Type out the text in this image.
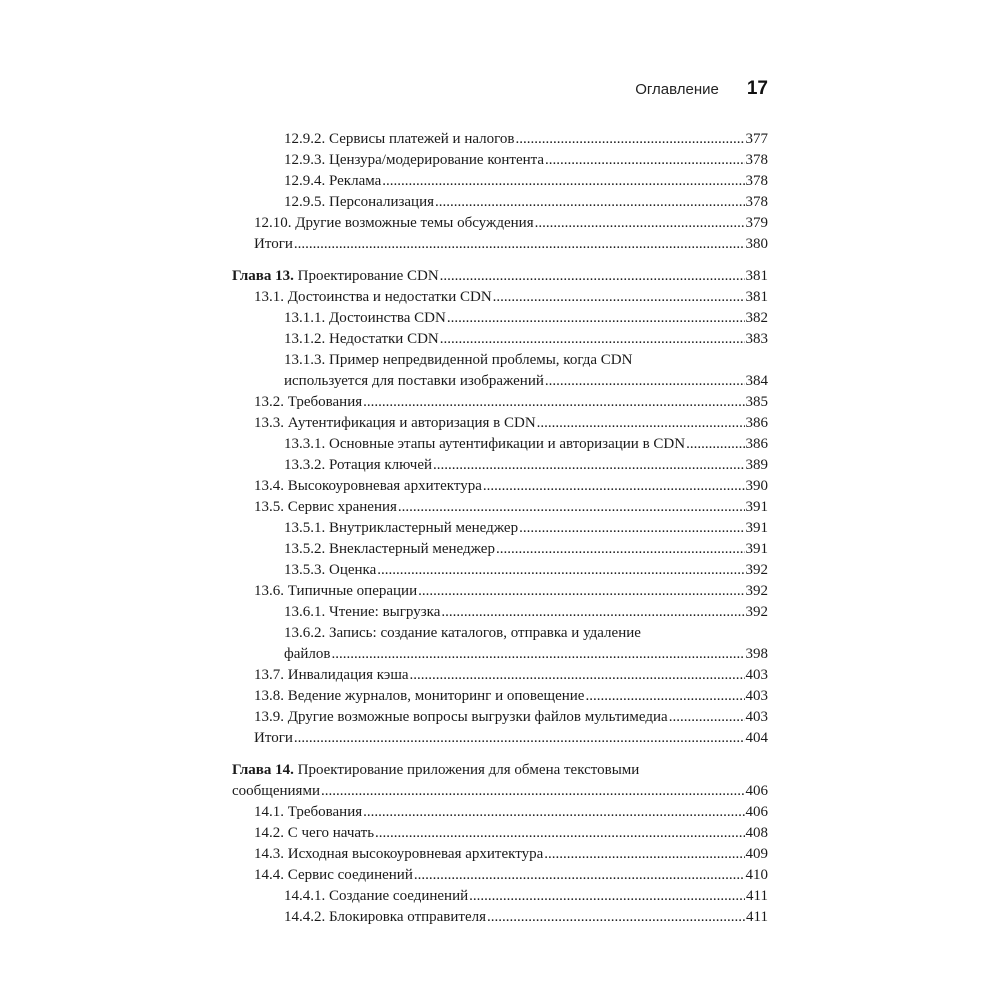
Оглавление 17
12.9.2. Сервисы платежей и налогов .....	377
12.9.3. Цензура/модерирование контента .....	378
12.9.4. Реклама .....	378
12.9.5. Персонализация .....	378
12.10. Другие возможные темы обсуждения .....	379
Итоги .....	380
Глава 13. Проектирование CDN .....	381
13.1. Достоинства и недостатки CDN .....	381
13.1.1. Достоинства CDN .....	382
13.1.2. Недостатки CDN .....	383
13.1.3. Пример непредвиденной проблемы, когда CDN
используется для поставки изображений .....	384
13.2. Требования .....	385
13.3. Аутентификация и авторизация в CDN .....	386
13.3.1. Основные этапы аутентификации и авторизации в CDN .....	386
13.3.2. Ротация ключей .....	389
13.4. Высокоуровневая архитектура .....	390
13.5. Сервис хранения .....	391
13.5.1. Внутрикластерный менеджер .....	391
13.5.2. Внекластерный менеджер .....	391
13.5.3. Оценка .....	392
13.6. Типичные операции .....	392
13.6.1. Чтение: выгрузка .....	392
13.6.2. Запись: создание каталогов, отправка и удаление
файлов .....	398
13.7. Инвалидация кэша .....	403
13.8. Ведение журналов, мониторинг и оповещение .....	403
13.9. Другие возможные вопросы выгрузки файлов мультимедиа .....	403
Итоги .....	404
Глава 14. Проектирование приложения для обмена текстовыми
сообщениями .....	406
14.1. Требования .....	406
14.2. С чего начать .....	408
14.3. Исходная высокоуровневая архитектура .....	409
14.4. Сервис соединений .....	410
14.4.1. Создание соединений .....	411
14.4.2. Блокировка отправителя .....	411
